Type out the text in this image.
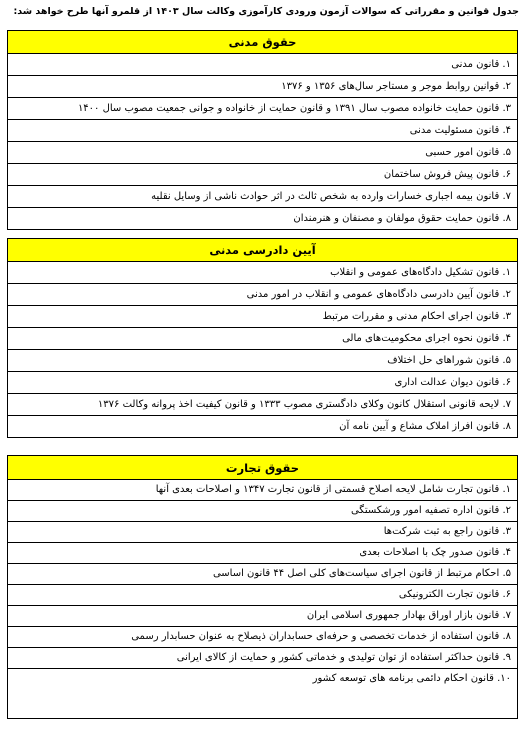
جدول قوانین و مقرراتی که سوالات آزمون ورودی کارآموزی وکالت سال ۱۴۰۳ از قلمرو آنها طرح خواهد شد:
حقوق مدنی
۱. قانون مدنی
۲. قوانین روابط موجر و مستاجر سال‌های ۱۳۵۶ و ۱۳۷۶
۳. قانون حمایت خانواده مصوب سال ۱۳۹۱ و قانون حمایت از خانواده و جوانی جمعیت مصوب سال ۱۴۰۰
۴. قانون مسئولیت مدنی
۵. قانون امور حسبی
۶. قانون پیش فروش ساختمان
۷. قانون بیمه اجباری خسارات وارده به شخص ثالث در اثر حوادث ناشی از وسایل نقلیه
۸. قانون حمایت حقوق مولفان و مصنفان و هنرمندان
آیین دادرسی مدنی
۱. قانون تشکیل دادگاه‌های عمومی و انقلاب
۲. قانون آیین دادرسی دادگاه‌های عمومی و انقلاب در امور مدنی
۳. قانون اجرای احکام مدنی و مقررات مرتبط
۴. قانون نحوه اجرای محکومیت‌های مالی
۵. قانون شوراهای حل اختلاف
۶. قانون دیوان عدالت اداری
۷. لایحه قانونی استقلال کانون وکلای دادگستری مصوب ۱۳۳۳ و قانون کیفیت اخذ پروانه وکالت ۱۳۷۶
۸. قانون افراز املاک مشاع و آیین نامه آن
حقوق تجارت
۱. قانون تجارت شامل لایحه اصلاح قسمتی از قانون تجارت ۱۳۴۷ و اصلاحات بعدی آنها
۲. قانون اداره تصفیه امور ورشکستگی
۳. قانون راجع به ثبت شرکت‌ها
۴. قانون صدور چک با اصلاحات بعدی
۵. احکام مرتبط از قانون اجرای سیاست‌های کلی اصل ۴۴ قانون اساسی
۶. قانون تجارت الکترونیکی
۷. قانون بازار اوراق بهادار جمهوری اسلامی ایران
۸. قانون استفاده از خدمات تخصصی و حرفه‌ای حسابداران ذیصلاح به عنوان حسابدار رسمی
۹. قانون حداکثر استفاده از توان تولیدی و خدماتی کشور و حمایت از کالای ایرانی
۱۰. قانون احکام دائمی برنامه های توسعه کشور
